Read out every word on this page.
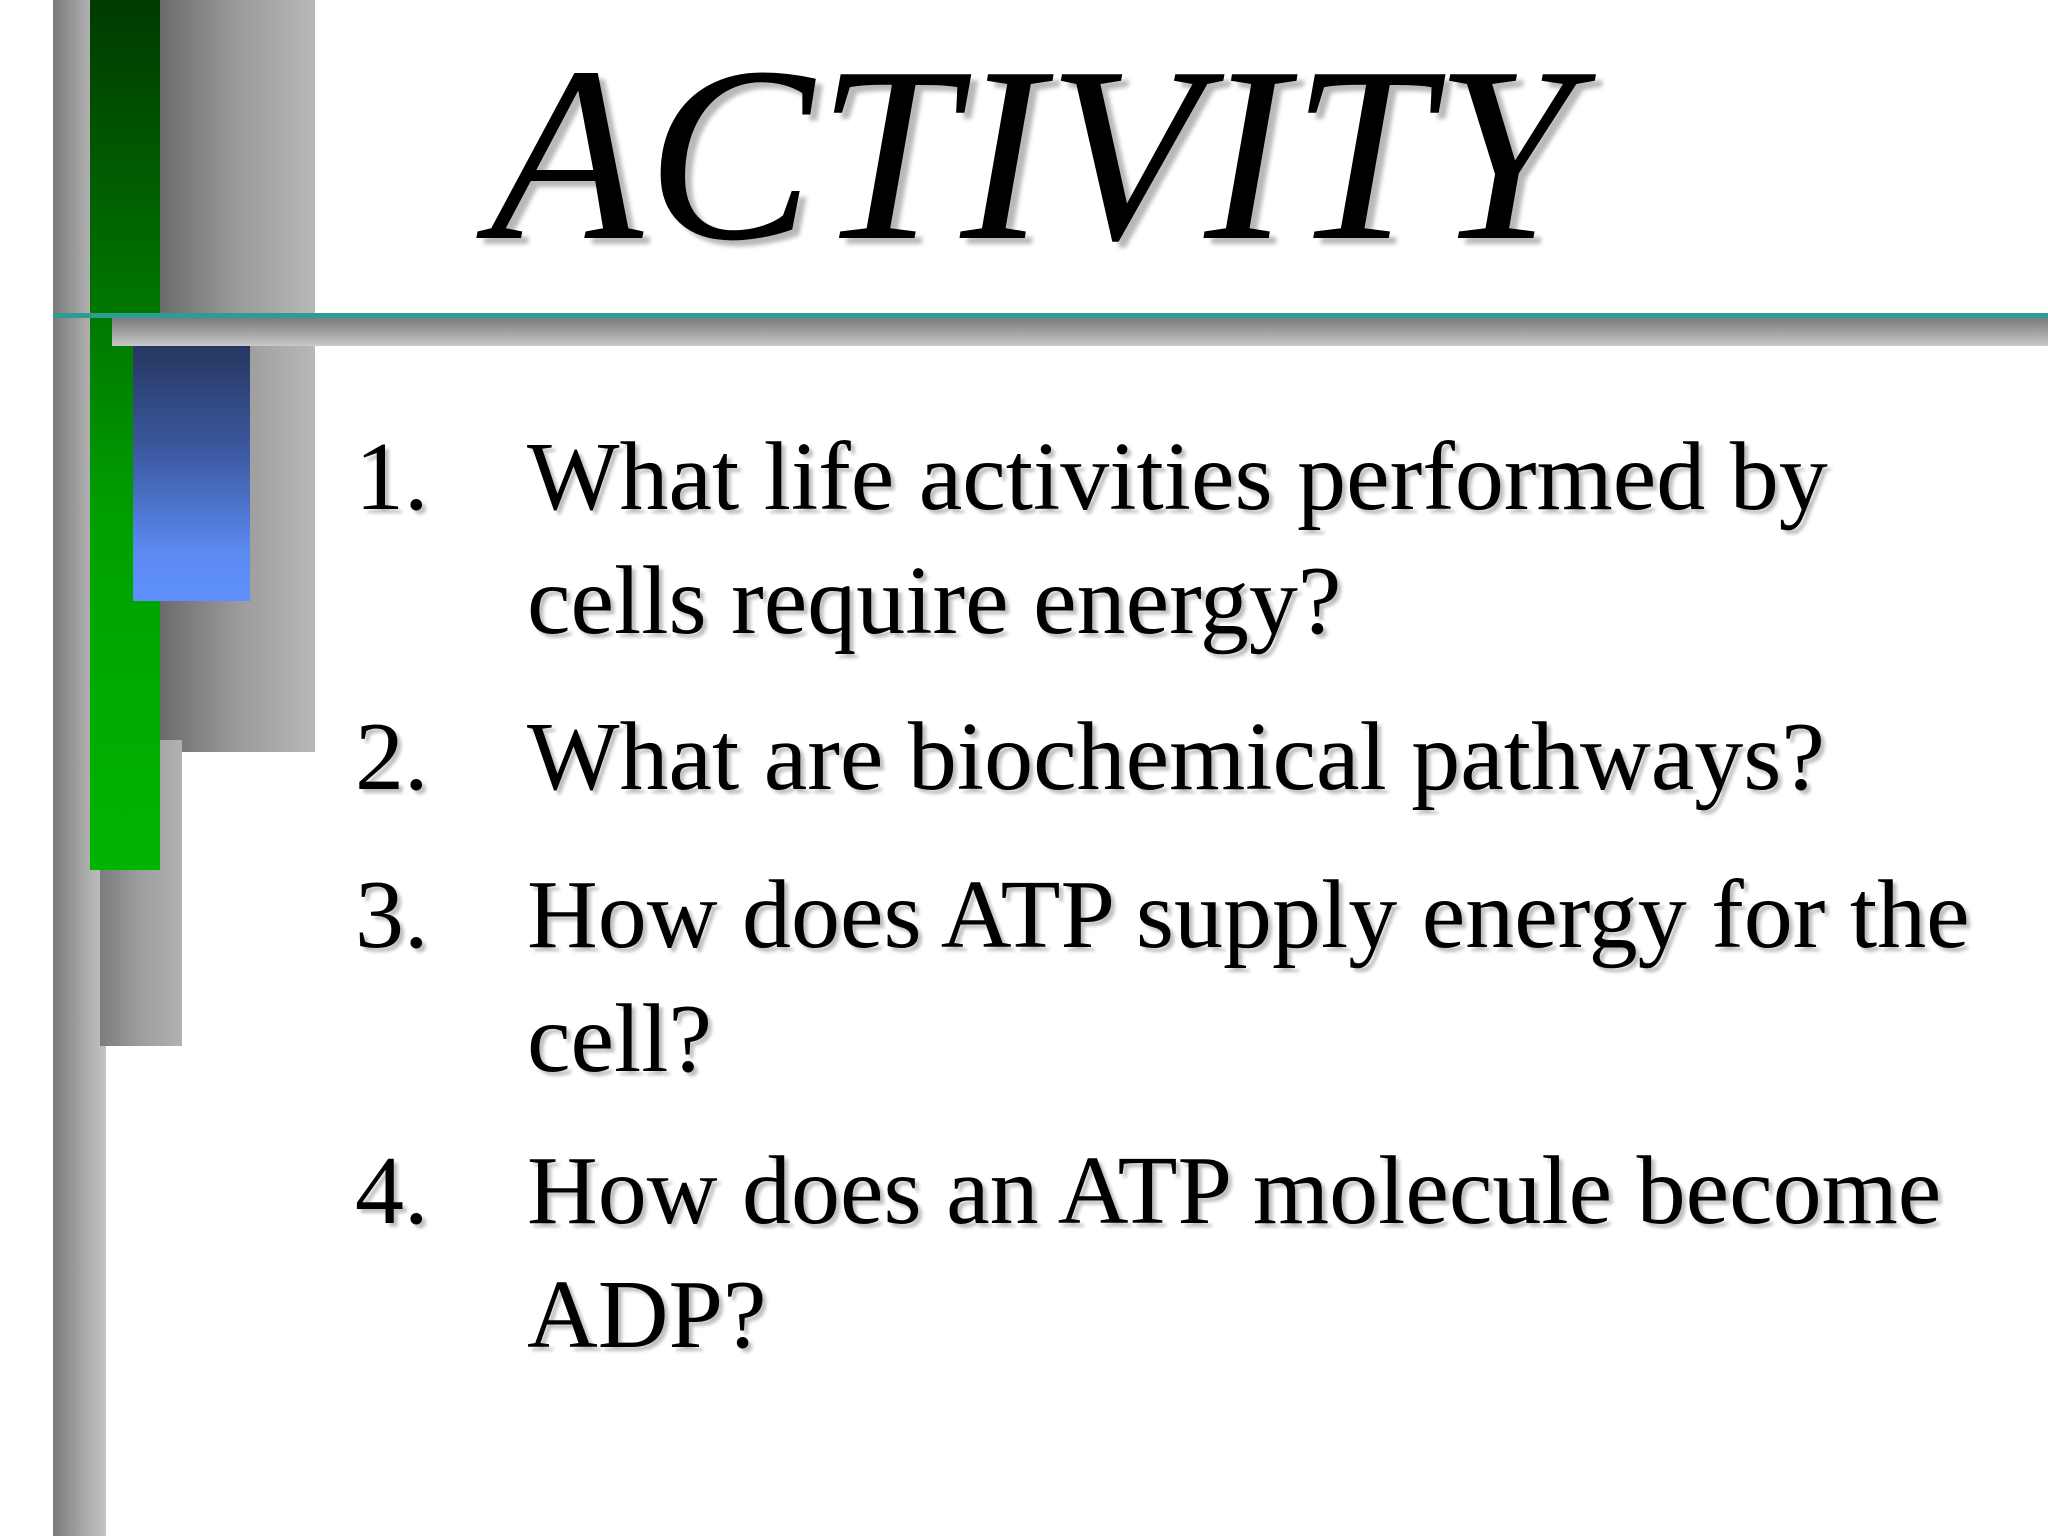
ACTIVITY
1.	What life activities performed by cells require energy?
2.	What are biochemical pathways?
3.	How does ATP supply energy for the cell?
4.	How does an ATP molecule become ADP?
